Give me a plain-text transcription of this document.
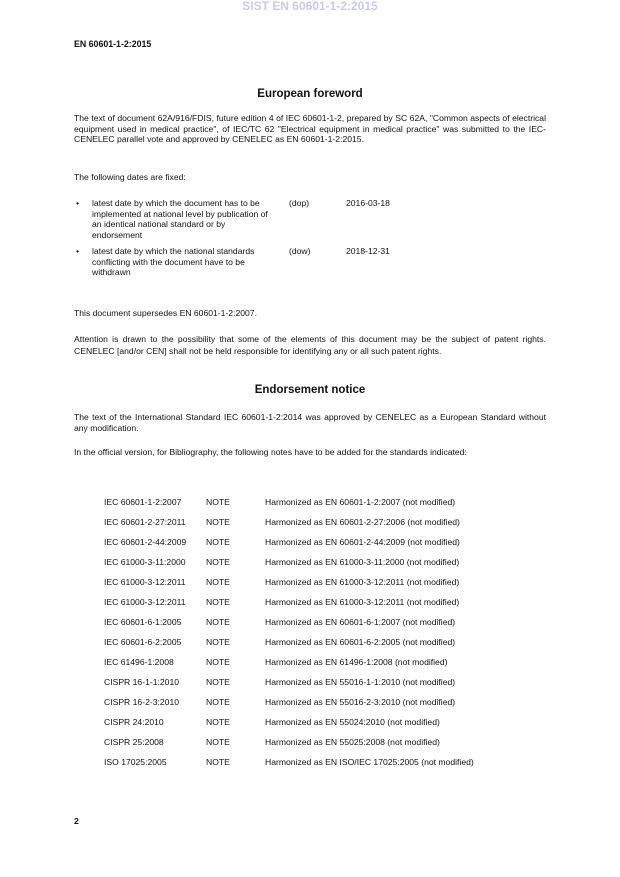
SIST EN 60601-1-2:2015
EN 60601-1-2:2015
European foreword

The text of document 62A/916/FDIS, future edition 4 of IEC 60601-1-2, prepared by SC 62A, "Common aspects of electrical equipment used in medical practice", of IEC/TC 62 "Electrical equipment in medical practice" was submitted to the IEC-CENELEC parallel vote and approved by CENELEC as EN 60601-1-2:2015.

The following dates are fixed:

• latest date by which the document has to be implemented at national level by publication of an identical national standard or by endorsement
(dop)	2016-03-18
• latest date by which the national standards conflicting with the document have to be withdrawn
(dow)	2018-12-31

This document supersedes EN 60601-1-2:2007.

Attention is drawn to the possibility that some of the elements of this document may be the subject of patent rights. CENELEC [and/or CEN] shall not be held responsible for identifying any or all such patent rights.

Endorsement notice

The text of the International Standard IEC 60601-1-2:2014 was approved by CENELEC as a European Standard without any modification.

In the official version, for Bibliography, the following notes have to be added for the standards indicated:

IEC 60601-1-2:2007	NOTE	Harmonized as EN 60601-1-2:2007 (not modified)
IEC 60601-2-27:2011 NOTE	Harmonized as EN 60601-2-27:2006 (not modified)
IEC 60601-2-44:2009 NOTE	Harmonized as EN 60601-2-44:2009 (not modified)
IEC 61000-3-11:2000 NOTE	Harmonized as EN 61000-3-11:2000 (not modified)
IEC 61000-3-12:2011 NOTE	Harmonized as EN 61000-3-12:2011 (not modified)
IEC 61000-3-12:2011 NOTE	Harmonized as EN 61000-3-12:2011 (not modified)
IEC 60601-6-1:2005	NOTE	Harmonized as EN 60601-6-1:2007 (not modified)
IEC 60601-6-2:2005	NOTE	Harmonized as EN 60601-6-2:2005 (not modified)
IEC 61496-1:2008	NOTE	Harmonized as EN 61496-1:2008 (not modified)
CISPR 16-1-1:2010	NOTE	Harmonized as EN 55016-1-1:2010 (not modified)
CISPR 16-2-3:2010	NOTE	Harmonized as EN 55016-2-3:2010 (not modified)
CISPR 24:2010	NOTE	Harmonized as EN 55024:2010 (not modified)
CISPR 25:2008	NOTE	Harmonized as EN 55025:2008 (not modified)
ISO 17025:2005	NOTE	Harmonized as EN ISO/IEC 17025:2005 (not modified)
2
